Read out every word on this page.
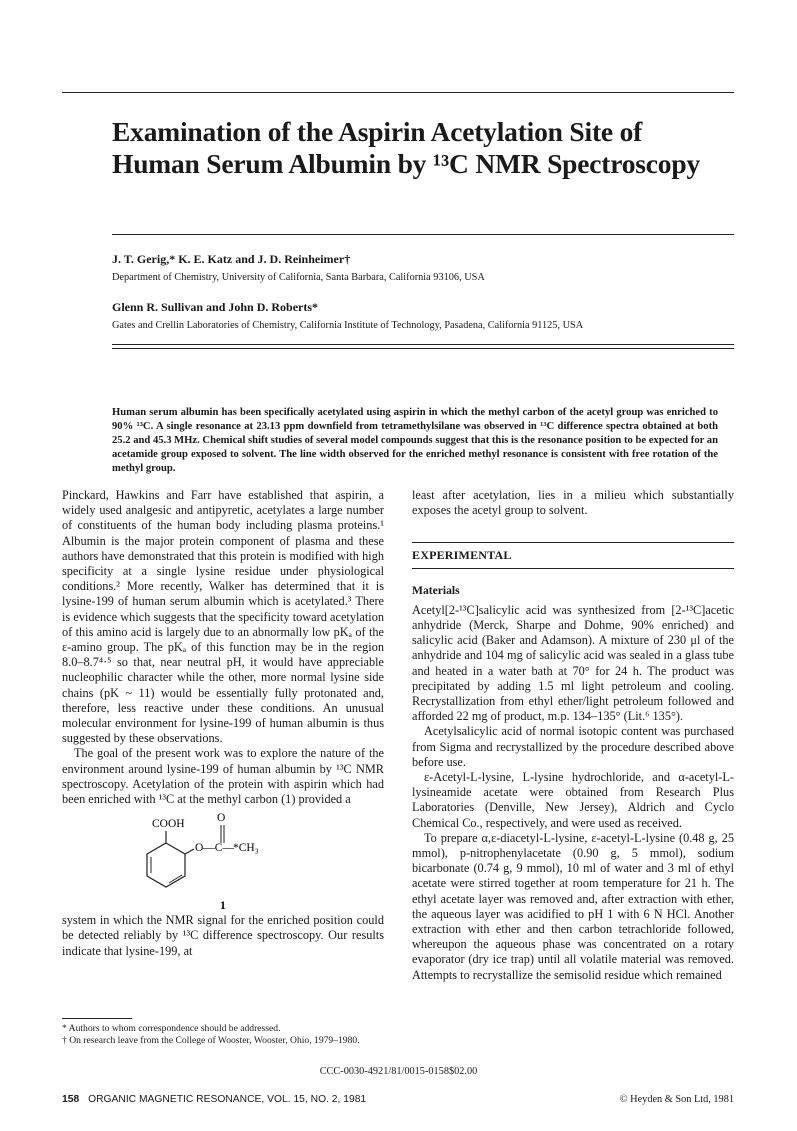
Examination of the Aspirin Acetylation Site of Human Serum Albumin by ¹³C NMR Spectroscopy

J. T. Gerig,* K. E. Katz and J. D. Reinheimer†

Department of Chemistry, University of California, Santa Barbara, California 93106, USA

Glenn R. Sullivan and John D. Roberts*

Gates and Crellin Laboratories of Chemistry, California Institute of Technology, Pasadena, California 91125, USA

Human serum albumin has been specifically acetylated using aspirin in which the methyl carbon of the acetyl group was enriched to 90% ¹³C. A single resonance at 23.13 ppm downfield from tetramethylsilane was observed in ¹³C difference spectra obtained at both 25.2 and 45.3 MHz. Chemical shift studies of several model compounds suggest that this is the resonance position to be expected for an acetamide group exposed to solvent. The line width observed for the enriched methyl resonance is consistent with free rotation of the methyl group.

Pinckard, Hawkins and Farr have established that aspirin, a widely used analgesic and antipyretic, acetylates a large number of constituents of the human body including plasma proteins.¹ Albumin is the major protein component of plasma and these authors have demonstrated that this protein is modified with high specificity at a single lysine residue under physiological conditions.² More recently, Walker has determined that it is lysine-199 of human serum albumin which is acetylated.³ There is evidence which suggests that the specificity toward acetylation of this amino acid is largely due to an abnormally low pKₐ of the ε-amino group. The pKₐ of this function may be in the region 8.0–8.7⁴·⁵ so that, near neutral pH, it would have appreciable nucleophilic character while the other, more normal lysine side chains (pK ~ 11) would be essentially fully protonated and, therefore, less reactive under these conditions. An unusual molecular environment for lysine-199 of human albumin is thus suggested by these observations.

The goal of the present work was to explore the nature of the environment around lysine-199 of human albumin by ¹³C NMR spectroscopy. Acetylation of the protein with aspirin which had been enriched with ¹³C at the methyl carbon (1) provided a

COOH	O
O—C— *CH₃
1

system in which the NMR signal for the enriched position could be detected reliably by ¹³C difference spectroscopy. Our results indicate that lysine-199, at

* Authors to whom correspondence should be addressed.

† On research leave from the College of Wooster, Wooster, Ohio, 1979–1980.

least after acetylation, lies in a milieu which substantially exposes the acetyl group to solvent.

EXPERIMENTAL

Materials

Acetyl[2-¹³C]salicylic acid was synthesized from [2-¹³C]acetic anhydride (Merck, Sharpe and Dohme, 90% enriched) and salicylic acid (Baker and Adamson). A mixture of 230 μl of the anhydride and 104 mg of salicylic acid was sealed in a glass tube and heated in a water bath at 70° for 24 h. The product was precipitated by adding 1.5 ml light petroleum and cooling. Recrystallization from ethyl ether/light petroleum followed and afforded 22 mg of product, m.p. 134–135° (Lit.⁶ 135°).

Acetylsalicylic acid of normal isotopic content was purchased from Sigma and recrystallized by the procedure described above before use.

ε-Acetyl-L-lysine, L-lysine hydrochloride, and α-acetyl-L-lysineamide acetate were obtained from Research Plus Laboratories (Denville, New Jersey), Aldrich and Cyclo Chemical Co., respectively, and were used as received.

To prepare α,ε-diacetyl-L-lysine, ε-acetyl-L-lysine (0.48 g, 25 mmol), p-nitrophenylacetate (0.90 g, 5 mmol), sodium bicarbonate (0.74 g, 9 mmol), 10 ml of water and 3 ml of ethyl acetate were stirred together at room temperature for 21 h. The ethyl acetate layer was removed and, after extraction with ether, the aqueous layer was acidified to pH 1 with 6 N HCl. Another extraction with ether and then carbon tetrachloride followed, whereupon the aqueous phase was concentrated on a rotary evaporator (dry ice trap) until all volatile material was removed. Attempts to recrystallize the semisolid residue which remained

CCC-0030-4921/81/0015-0158$02.00
158 ORGANIC MAGNETIC RESONANCE, VOL. 15, NO. 2, 1981	© Heyden & Son Ltd, 1981
